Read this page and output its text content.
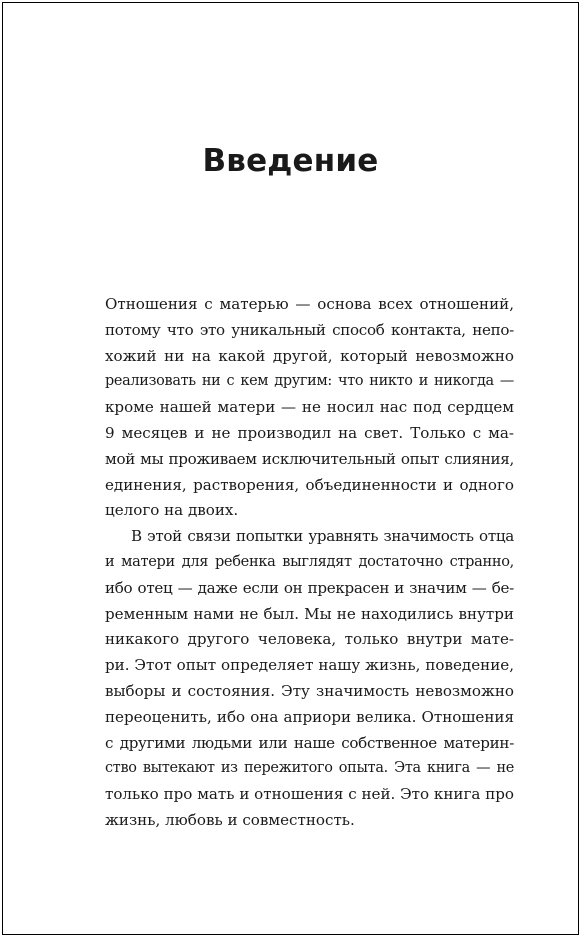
Введение
Отношения с матерью — основа всех отношений,
потому что это уникальный способ контакта, непо-
хожий ни на какой другой, который невозможно
реализовать ни с кем другим: что никто и никогда —
кроме нашей матери — не носил нас под сердцем
9 месяцев и не производил на свет. Только с ма-
мой мы проживаем исключительный опыт слияния,
единения, растворения, объединенности и одного
целого на двоих.
В этой связи попытки уравнять значимость отца
и матери для ребенка выглядят достаточно странно,
ибо отец — даже если он прекрасен и значим — бе-
ременным нами не был. Мы не находились внутри
никакого другого человека, только внутри мате-
ри. Этот опыт определяет нашу жизнь, поведение,
выборы и состояния. Эту значимость невозможно
переоценить, ибо она априори велика. Отношения
с другими людьми или наше собственное материн-
ство вытекают из пережитого опыта. Эта книга — не
только про мать и отношения с ней. Это книга про
жизнь, любовь и совместность.
